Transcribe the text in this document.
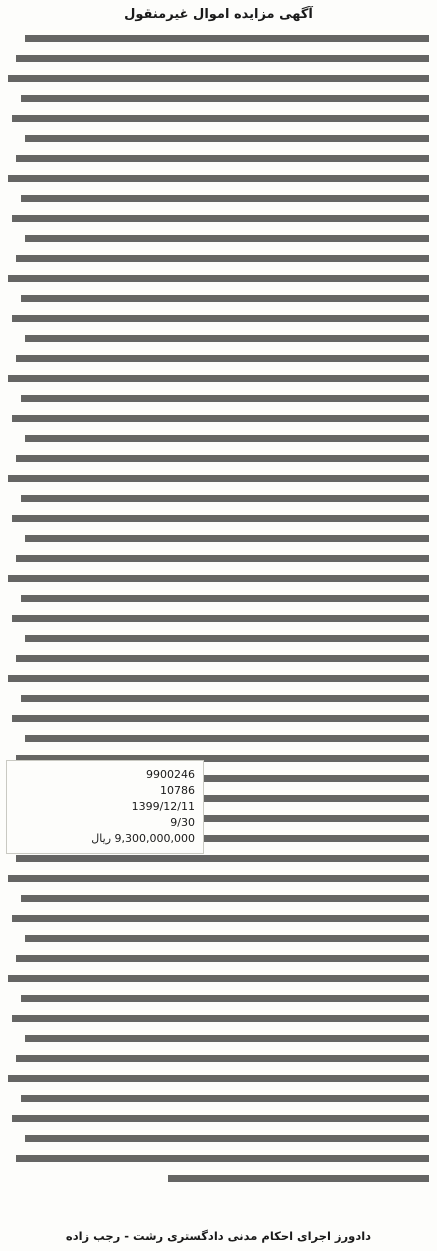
آگهی مزایده اموال غیرمنقول
9900246
10786
1399/12/11
9/30
9,300,000,000 ریال
دادورز اجرای احکام مدنی دادگستری رشت - رجب زاده
